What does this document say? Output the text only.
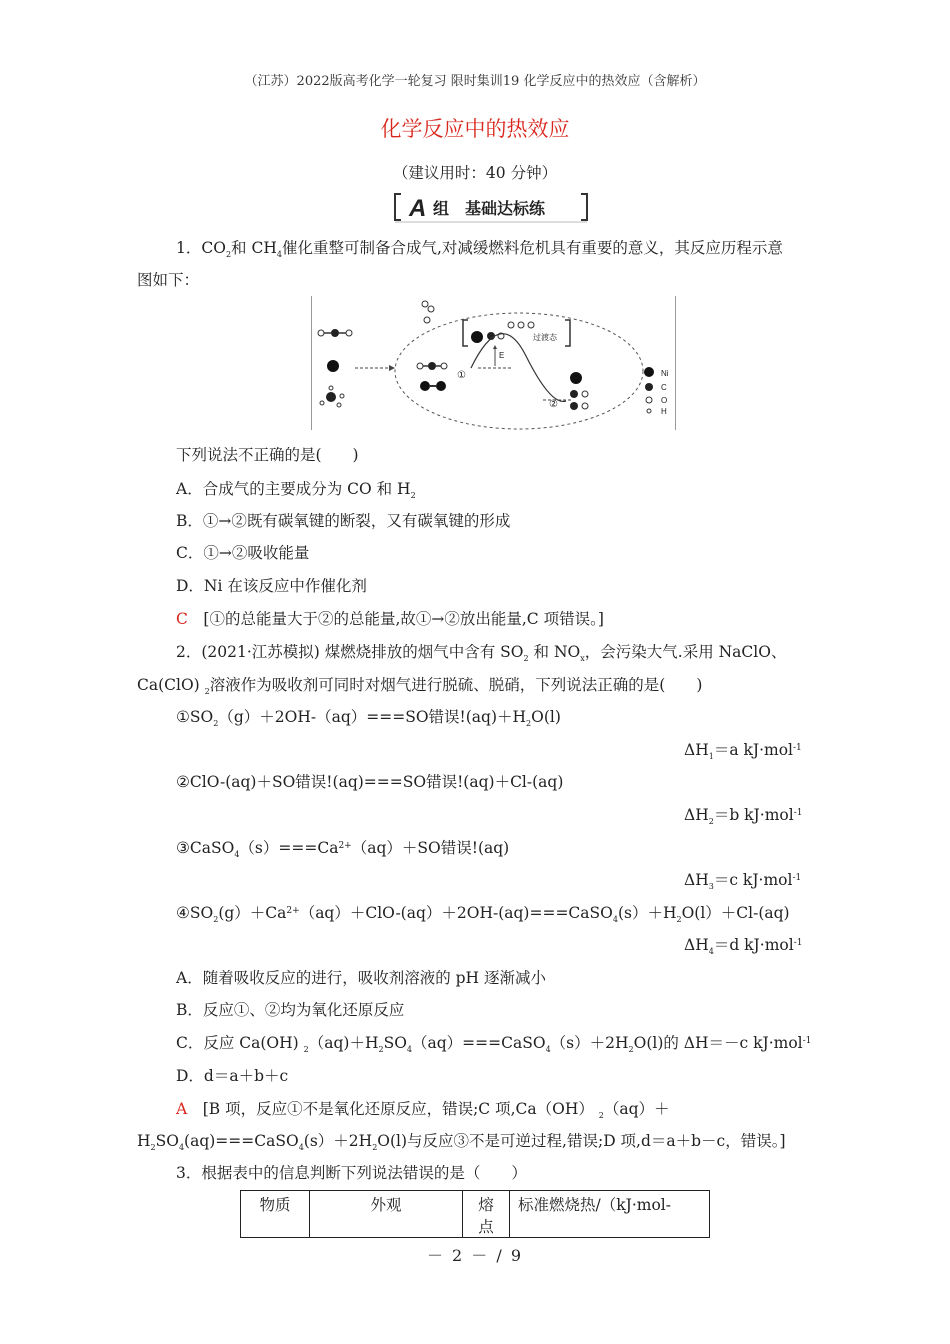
（江苏）2022版高考化学一轮复习 限时集训19 化学反应中的热效应（含解析）
化学反应中的热效应
（建议用时：40 分钟）
A 组　基础达标练
1．$CO_2$和 $CH_4$催化重整可制备合成气,对减缓燃料危机具有重要的意义，其反应历程示意
图如下：
过渡态
E
①
②
Ni
C
O
H
下列说法不正确的是(　　)
A．合成气的主要成分为 CO 和 $H_2$
B．①→②既有碳氧键的断裂，又有碳氧键的形成
C．①→②吸收能量
D．Ni 在该反应中作催化剂
C　 [①的总能量大于②的总能量,故①→②放出能量,C 项错误。]
2．(2021·江苏模拟) 煤燃烧排放的烟气中含有 $SO_2$ 和 $NO_x$，会污染大气.采用 NaClO、
Ca(ClO) $_2$溶液作为吸收剂可同时对烟气进行脱硫、脱硝，下列说法正确的是(　　)
$①SO_2(g)+2OH-(aq)===SO$错误$!(aq)+H_2O(l)$
$\Delta H_1=a$ kJ·mol$^{-1}$
②ClO-(aq)＋SO错误!(aq)===SO错误!(aq)＋Cl-(aq)
$\Delta H_2=b$ kJ·mol$^{-1}$
$③CaSO_4(s)===Ca^{2+}(aq)+SO$错误!(aq)
$\Delta H_3=c$ kJ·mol$^{-1}$
$④SO_2(g)+Ca^{2+}(aq)+ClO-(aq)+2OH-(aq)===CaSO_4(s)+H_2O(l)+Cl-(aq)$
$\Delta H_4=d$ kJ·mol$^{-1}$
A．随着吸收反应的进行，吸收剂溶液的 pH 逐渐减小
B．反应①、②均为氧化还原反应
C．反应 Ca(OH) $_2(aq)+H_2SO_4(aq)===CaSO_4(s)+2H_2O(l)$的 ΔH＝－c kJ·mol$^{-1}$
D．d＝a＋b＋c
A　 [B 项，反应①不是氧化还原反应，错误;C 项,Ca（OH） $_2$（aq）＋
$H_2SO_4(aq)===CaSO_4(s)+2H_2O(l)$与反应③不是可逆过程,错误;D 项,d＝a＋b－c，错误。]
3．根据表中的信息判断下列说法错误的是（　　）
物质	外观	熔点	标准燃烧热/（kJ·mol-
－ 2 － / 9
